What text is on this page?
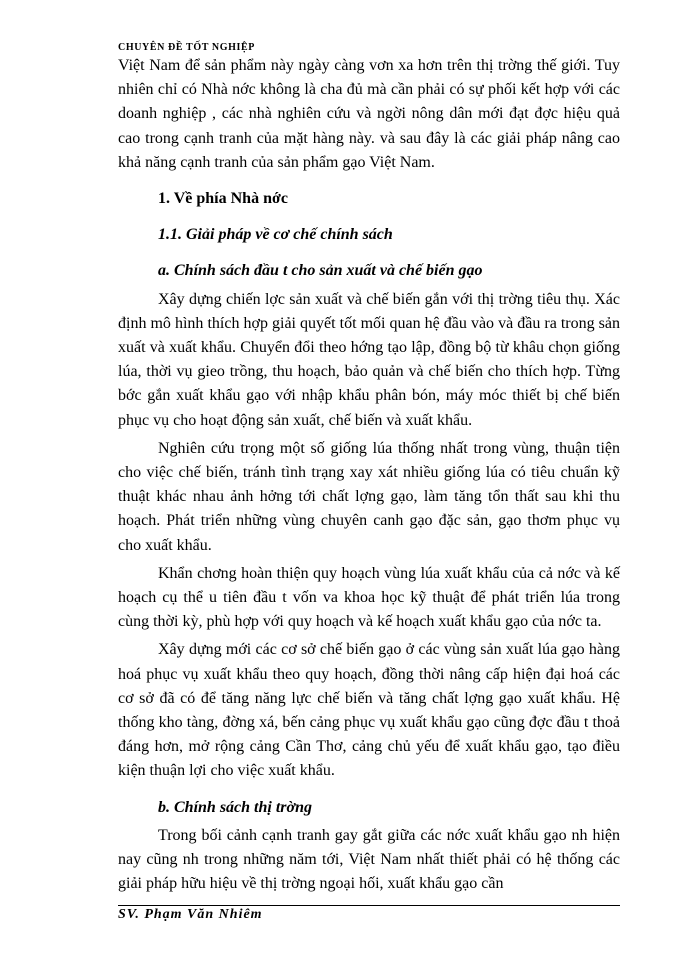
CHUYÊN ĐỀ TỐT NGHIỆP

Việt Nam để sản phẩm này ngày càng vơn xa hơn trên thị trờng thế giới. Tuy nhiên chỉ có Nhà nớc không là cha đủ mà cần phải có sự phối kết hợp với các doanh nghiệp , các nhà nghiên cứu và ngời nông dân mới đạt đợc hiệu quả cao trong cạnh tranh của mặt hàng này. và sau đây là các giải pháp nâng cao khả năng cạnh tranh của sản phẩm gạo Việt Nam.

1. Về phía Nhà nớc

1.1. Giải pháp về cơ chế chính sách

a. Chính sách đầu t cho sản xuất và chế biến gạo

Xây dựng chiến lợc sản xuất và chế biến gắn với thị trờng tiêu thụ. Xác định mô hình thích hợp giải quyết tốt mối quan hệ đầu vào và đầu ra trong sản xuất và xuất khẩu. Chuyển đổi theo hớng tạo lập, đồng bộ từ khâu chọn giống lúa, thời vụ gieo trồng, thu hoạch, bảo quản và chế biến cho thích hợp. Từng bớc gắn xuất khẩu gạo với nhập khẩu phân bón, máy móc thiết bị chế biến phục vụ cho hoạt động sản xuất, chế biến và xuất khẩu.

Nghiên cứu trọng một số giống lúa thống nhất trong vùng, thuận tiện cho việc chế biến, tránh tình trạng xay xát nhiều giống lúa có tiêu chuẩn kỹ thuật khác nhau ảnh hởng tới chất lợng gạo, làm tăng tổn thất sau khi thu hoạch. Phát triển những vùng chuyên canh gạo đặc sản, gạo thơm phục vụ cho xuất khẩu.

Khẩn chơng hoàn thiện quy hoạch vùng lúa xuất khẩu của cả nớc và kế hoạch cụ thể u tiên đầu t vốn va khoa học kỹ thuật để phát triển lúa trong cùng thời kỳ, phù hợp với quy hoạch và kế hoạch xuất khẩu gạo của nớc ta.

Xây dựng mới các cơ sở chế biến gạo ở các vùng sản xuất lúa gạo hàng hoá phục vụ xuất khẩu theo quy hoạch, đồng thời nâng cấp hiện đại hoá các cơ sở đã có để tăng năng lực chế biến và tăng chất lợng gạo xuất khẩu. Hệ thống kho tàng, đờng xá, bến cảng phục vụ xuất khẩu gạo cũng đợc đầu t thoả đáng hơn, mở rộng cảng Cần Thơ, cảng chủ yếu để xuất khẩu gạo, tạo điều kiện thuận lợi cho việc xuất khẩu.

b. Chính sách thị trờng

Trong bối cảnh cạnh tranh gay gắt giữa các nớc xuất khẩu gạo nh hiện nay cũng nh trong những năm tới, Việt Nam nhất thiết phải có hệ thống các giải pháp hữu hiệu về thị trờng ngoại hối, xuất khẩu gạo cần

SV. Phạm Văn Nhiêm
